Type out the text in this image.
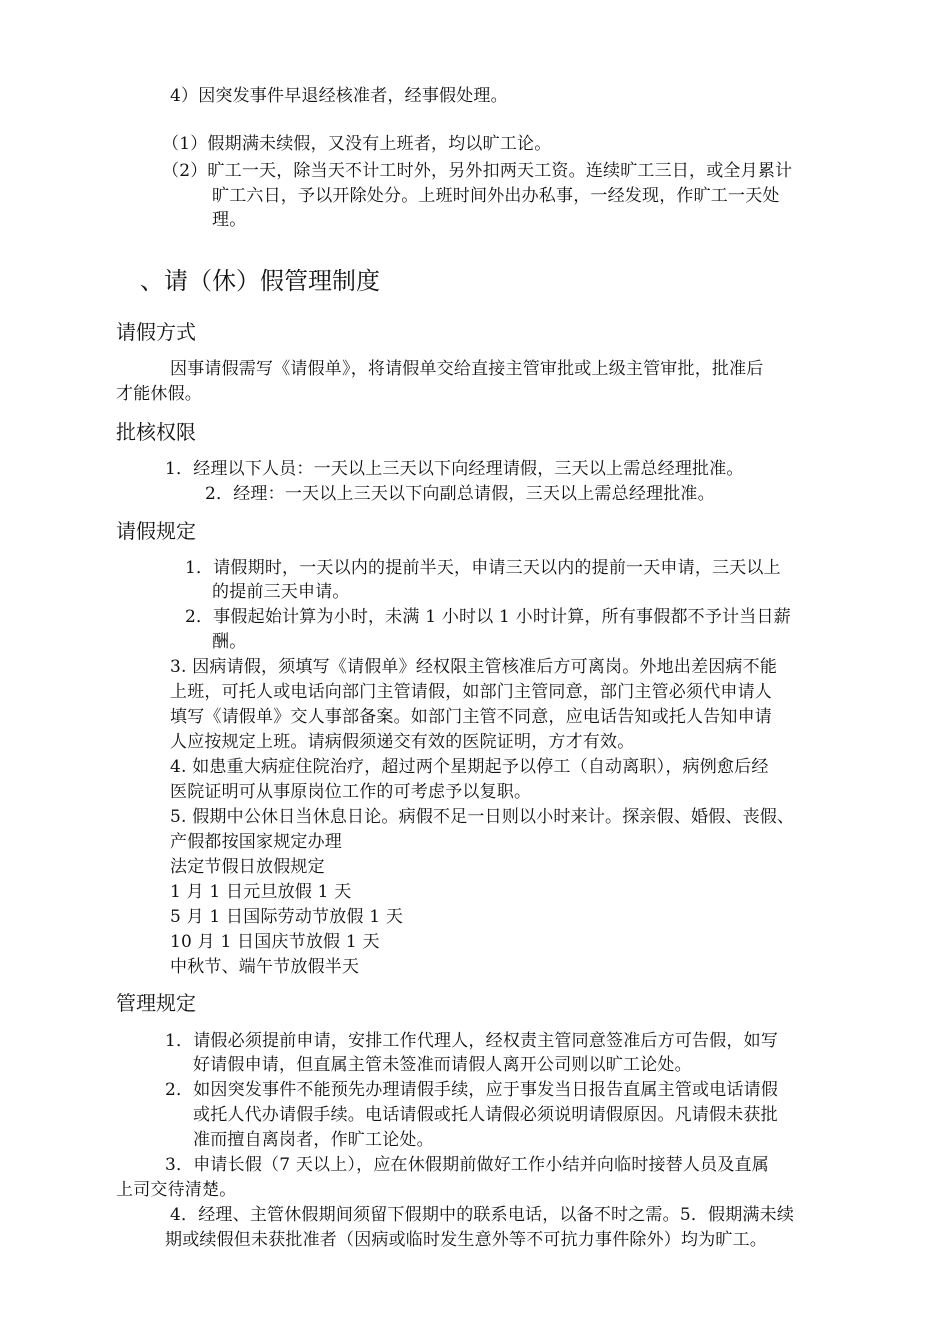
4）因突发事件早退经核准者，经事假处理。
（1）假期满未续假，又没有上班者，均以旷工论。
（2）旷工一天，除当天不计工时外，另外扣两天工资。连续旷工三日，或全月累计
旷工六日，予以开除处分。上班时间外出办私事，一经发现，作旷工一天处
理。
、请（休）假管理制度
请假方式
因事请假需写《请假单》，将请假单交给直接主管审批或上级主管审批，批准后
才能休假。
批核权限
1．经理以下人员：一天以上三天以下向经理请假，三天以上需总经理批准。
2．经理：一天以上三天以下向副总请假，三天以上需总经理批准。
请假规定
1．请假期时，一天以内的提前半天，申请三天以内的提前一天申请，三天以上
的提前三天申请。
2．事假起始计算为小时，未满 1 小时以 1 小时计算，所有事假都不予计当日薪
酬。
3. 因病请假，须填写《请假单》经权限主管核准后方可离岗。外地出差因病不能
上班，可托人或电话向部门主管请假，如部门主管同意，部门主管必须代申请人
填写《请假单》交人事部备案。如部门主管不同意，应电话告知或托人告知申请
人应按规定上班。请病假须递交有效的医院证明，方才有效。
4. 如患重大病症住院治疗，超过两个星期起予以停工（自动离职），病例愈后经
医院证明可从事原岗位工作的可考虑予以复职。
5. 假期中公休日当休息日论。病假不足一日则以小时来计。探亲假、婚假、丧假、
产假都按国家规定办理
法定节假日放假规定
1 月 1 日元旦放假 1 天
5 月 1 日国际劳动节放假 1 天
10 月 1 日国庆节放假 1 天
中秋节、端午节放假半天
管理规定
1．请假必须提前申请，安排工作代理人，经权责主管同意签准后方可告假，如写
好请假申请，但直属主管未签准而请假人离开公司则以旷工论处。
2．如因突发事件不能预先办理请假手续，应于事发当日报告直属主管或电话请假
或托人代办请假手续。电话请假或托人请假必须说明请假原因。凡请假未获批
准而擅自离岗者，作旷工论处。
3．申请长假（7 天以上），应在休假期前做好工作小结并向临时接替人员及直属
上司交待清楚。
4．经理、主管休假期间须留下假期中的联系电话，以备不时之需。5．假期满未续
期或续假但未获批准者（因病或临时发生意外等不可抗力事件除外）均为旷工。
